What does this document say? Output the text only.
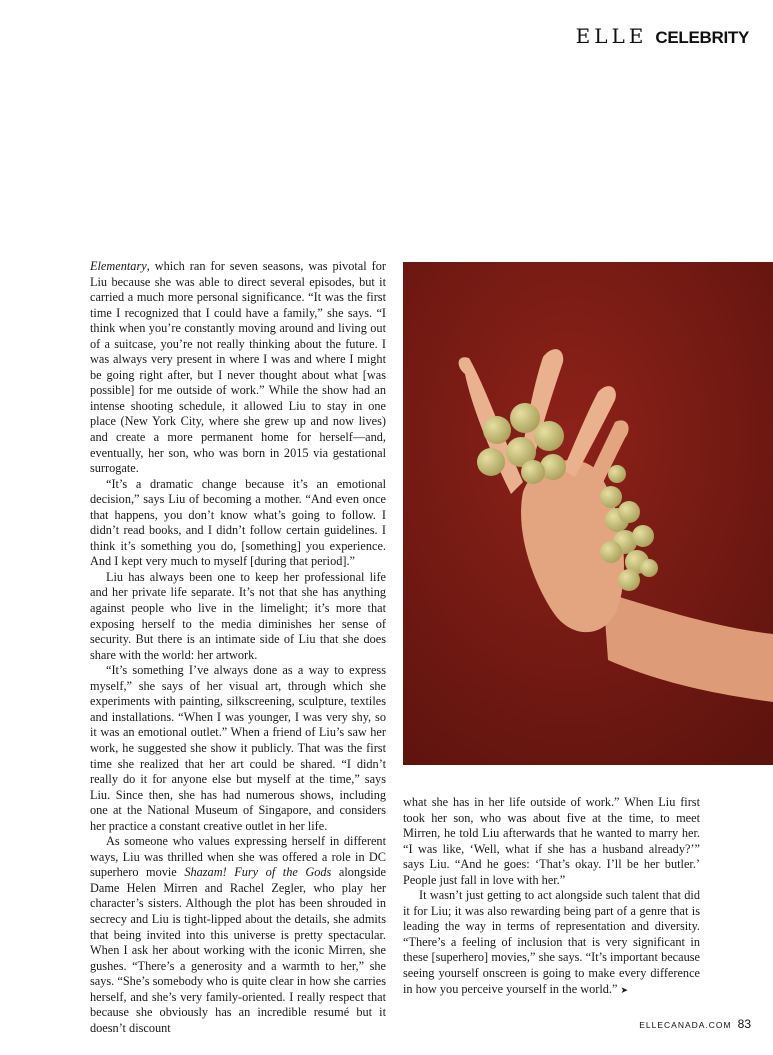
ELLE CELEBRITY

Elementary, which ran for seven seasons, was pivotal for Liu because she was able to direct several episodes, but it carried a much more personal significance. “It was the first time I recognized that I could have a family,” she says. “I think when you’re constantly moving around and living out of a suitcase, you’re not really thinking about the future. I was always very present in where I was and where I might be going right after, but I never thought about what [was possible] for me outside of work.” While the show had an intense shooting schedule, it allowed Liu to stay in one place (New York City, where she grew up and now lives) and create a more permanent home for herself—and, eventually, her son, who was born in 2015 via gestational surrogate.

“It’s a dramatic change because it’s an emotional decision,” says Liu of becoming a mother. “And even once that happens, you don’t know what’s going to follow. I didn’t read books, and I didn’t follow certain guidelines. I think it’s something you do, [something] you experience. And I kept very much to myself [during that period].”

Liu has always been one to keep her professional life and her private life separate. It’s not that she has anything against people who live in the limelight; it’s more that exposing herself to the media diminishes her sense of security. But there is an intimate side of Liu that she does share with the world: her artwork.

“It’s something I’ve always done as a way to express myself,” she says of her visual art, through which she experiments with painting, silkscreening, sculpture, textiles and installations. “When I was younger, I was very shy, so it was an emotional outlet.” When a friend of Liu’s saw her work, he suggested she show it publicly. That was the first time she realized that her art could be shared. “I didn’t really do it for anyone else but myself at the time,” says Liu. Since then, she has had numerous shows, including one at the National Museum of Singapore, and considers her practice a constant creative outlet in her life.

As someone who values expressing herself in different ways, Liu was thrilled when she was offered a role in DC superhero movie Shazam! Fury of the Gods alongside Dame Helen Mirren and Rachel Zegler, who play her character’s sisters. Although the plot has been shrouded in secrecy and Liu is tight-lipped about the details, she admits that being invited into this universe is pretty spectacular. When I ask her about working with the iconic Mirren, she gushes. “There’s a generosity and a warmth to her,” she says. “She’s somebody who is quite clear in how she carries herself, and she’s very family-oriented. I really respect that because she obviously has an incredible resumé but it doesn’t discount

what she has in her life outside of work.” When Liu first took her son, who was about five at the time, to meet Mirren, he told Liu afterwards that he wanted to marry her. “I was like, ‘Well, what if she has a husband already?’” says Liu. “And he goes: ‘That’s okay. I’ll be her butler.’ People just fall in love with her.”

It wasn’t just getting to act alongside such talent that did it for Liu; it was also rewarding being part of a genre that is leading the way in terms of representation and diversity. “There’s a feeling of inclusion that is very significant in these [superhero] movies,” she says. “It’s important because seeing yourself onscreen is going to make every difference in how you perceive yourself in the world.” ➤

ELLECANADA.COM 83
